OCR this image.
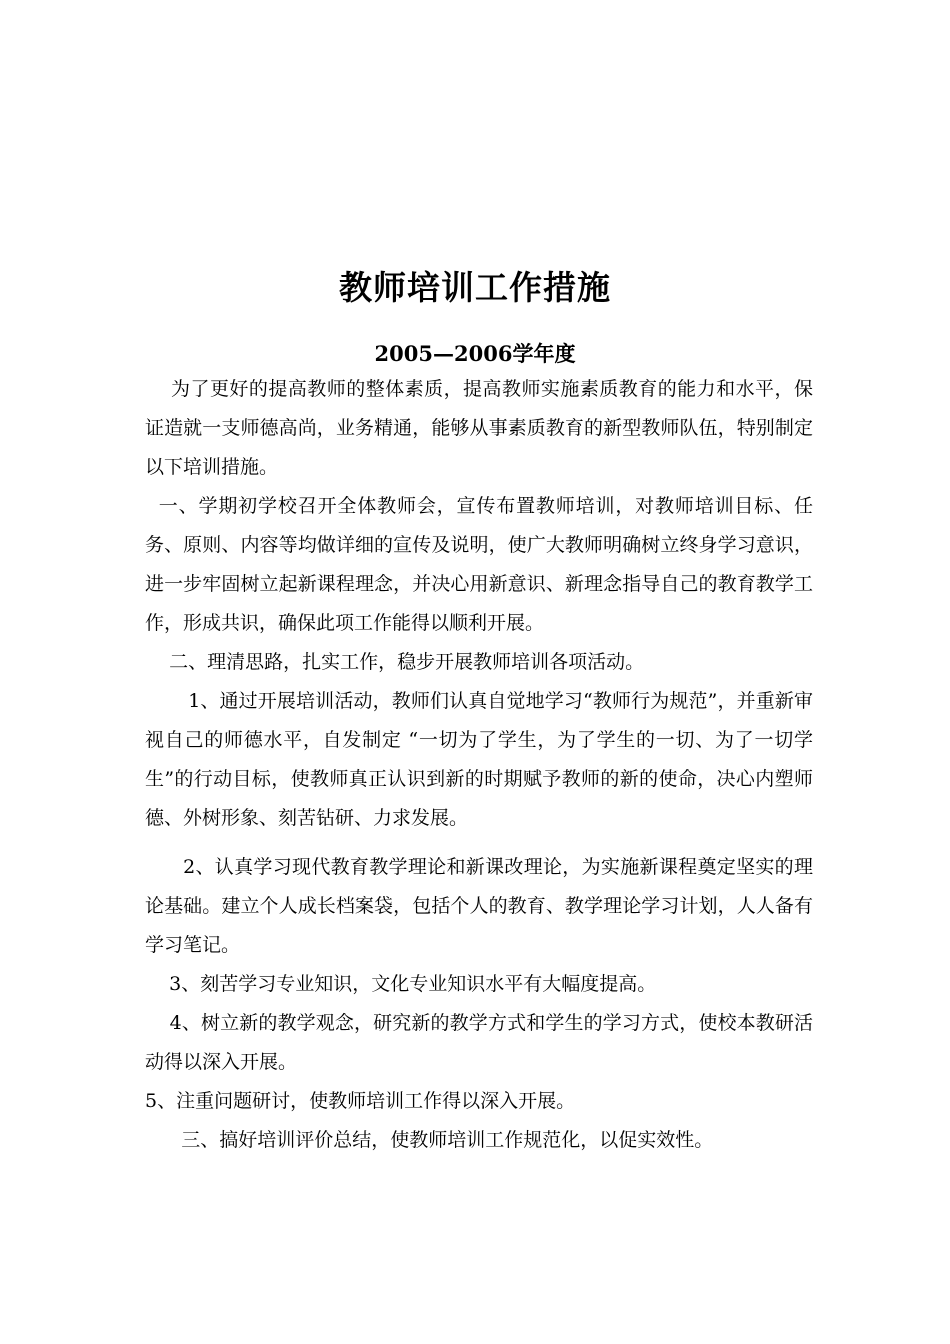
教师培训工作措施
2005—2006学年度

为了更好的提高教师的整体素质，提高教师实施素质教育的能力和水平，保证造就一支师德高尚，业务精通，能够从事素质教育的新型教师队伍，特别制定以下培训措施。

一、学期初学校召开全体教师会，宣传布置教师培训，对教师培训目标、任务、原则、内容等均做详细的宣传及说明，使广大教师明确树立终身学习意识，进一步牢固树立起新课程理念，并决心用新意识、新理念指导自己的教育教学工作，形成共识，确保此项工作能得以顺利开展。

二、理清思路，扎实工作，稳步开展教师培训各项活动。

1、通过开展培训活动，教师们认真自觉地学习“教师行为规范”，并重新审视自己的师德水平，自发制定 “一切为了学生，为了学生的一切、为了一切学生”的行动目标，使教师真正认识到新的时期赋予教师的新的使命，决心内塑师德、外树形象、刻苦钻研、力求发展。

2、认真学习现代教育教学理论和新课改理论，为实施新课程奠定坚实的理论基础。建立个人成长档案袋，包括个人的教育、教学理论学习计划，人人备有学习笔记。

3、刻苦学习专业知识，文化专业知识水平有大幅度提高。

4、树立新的教学观念，研究新的教学方式和学生的学习方式，使校本教研活动得以深入开展。

5、注重问题研讨，使教师培训工作得以深入开展。

三、搞好培训评价总结，使教师培训工作规范化，以促实效性。
